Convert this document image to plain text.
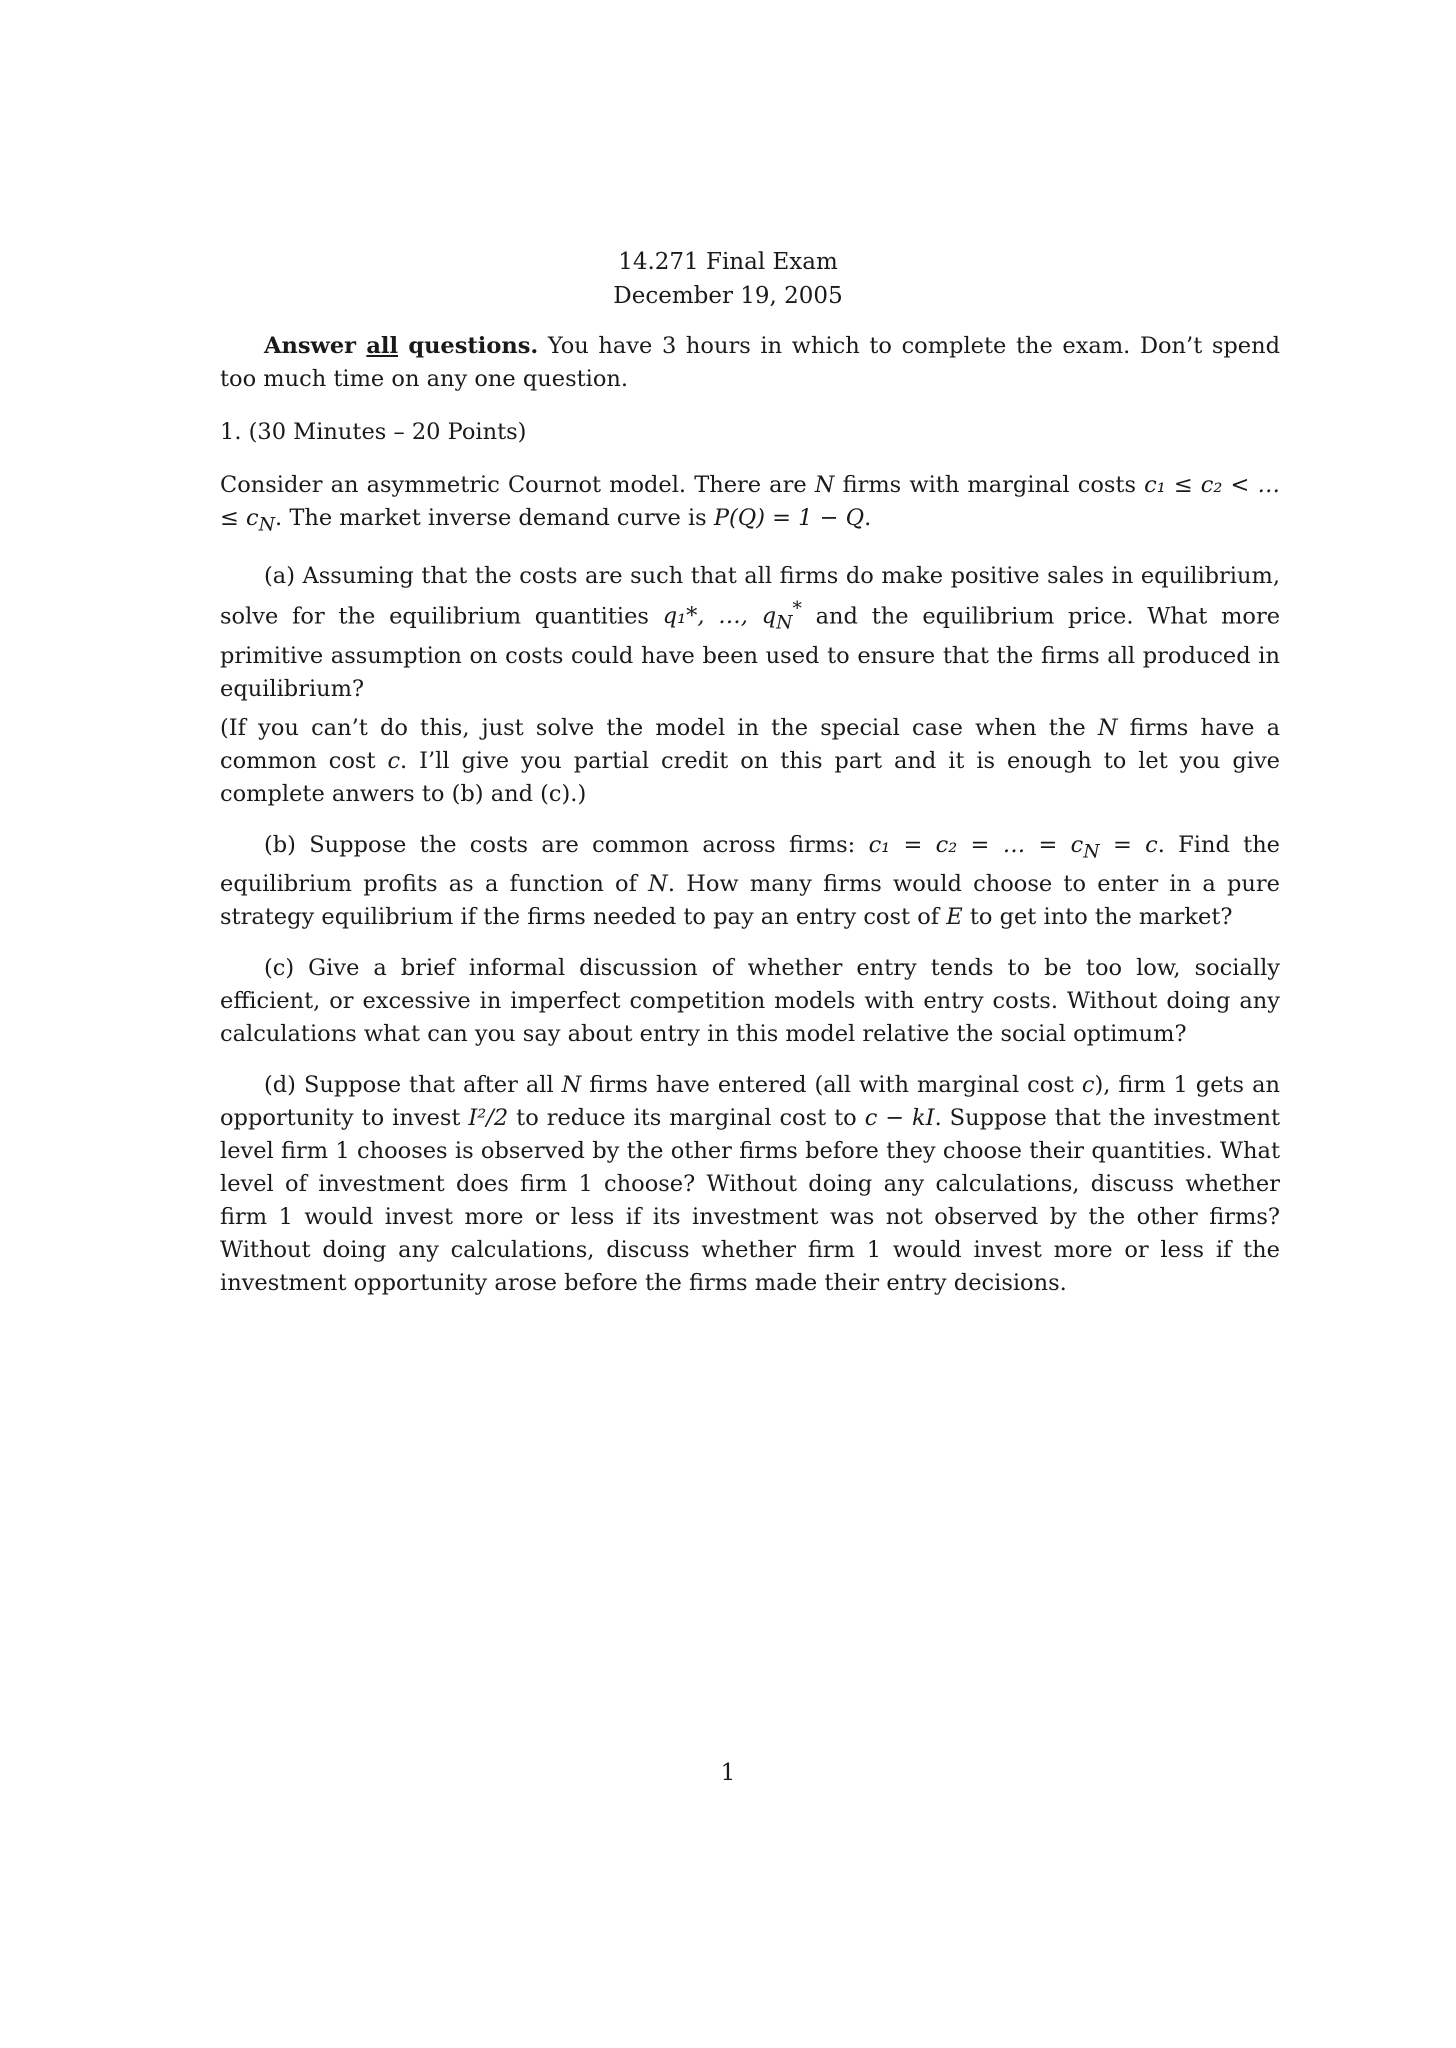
14.271 Final Exam
December 19, 2005

Answer all questions. You have 3 hours in which to complete the exam. Don’t spend too much time on any one question.

1. (30 Minutes – 20 Points)

Consider an asymmetric Cournot model. There are N firms with marginal costs c₁ ≤ c₂ < … ≤ $c_N$. The market inverse demand curve is P(Q) = 1 − Q.

(a) Assuming that the costs are such that all firms do make positive sales in equilibrium, solve for the equilibrium quantities q₁*, …, $q_N^*$ and the equilibrium price. What more primitive assumption on costs could have been used to ensure that the firms all produced in equilibrium?

(If you can’t do this, just solve the model in the special case when the N firms have a common cost c. I’ll give you partial credit on this part and it is enough to let you give complete anwers to (b) and (c).)

(b) Suppose the costs are common across firms: c₁ = c₂ = … = $c_N = c$. Find the equilibrium profits as a function of N. How many firms would choose to enter in a pure strategy equilibrium if the firms needed to pay an entry cost of E to get into the market?

(c) Give a brief informal discussion of whether entry tends to be too low, socially efficient, or excessive in imperfect competition models with entry costs. Without doing any calculations what can you say about entry in this model relative the social optimum?

(d) Suppose that after all N firms have entered (all with marginal cost c), firm 1 gets an opportunity to invest I²/2 to reduce its marginal cost to c − kI. Suppose that the investment level firm 1 chooses is observed by the other firms before they choose their quantities. What level of investment does firm 1 choose? Without doing any calculations, discuss whether firm 1 would invest more or less if its investment was not observed by the other firms? Without doing any calculations, discuss whether firm 1 would invest more or less if the investment opportunity arose before the firms made their entry decisions.

1
